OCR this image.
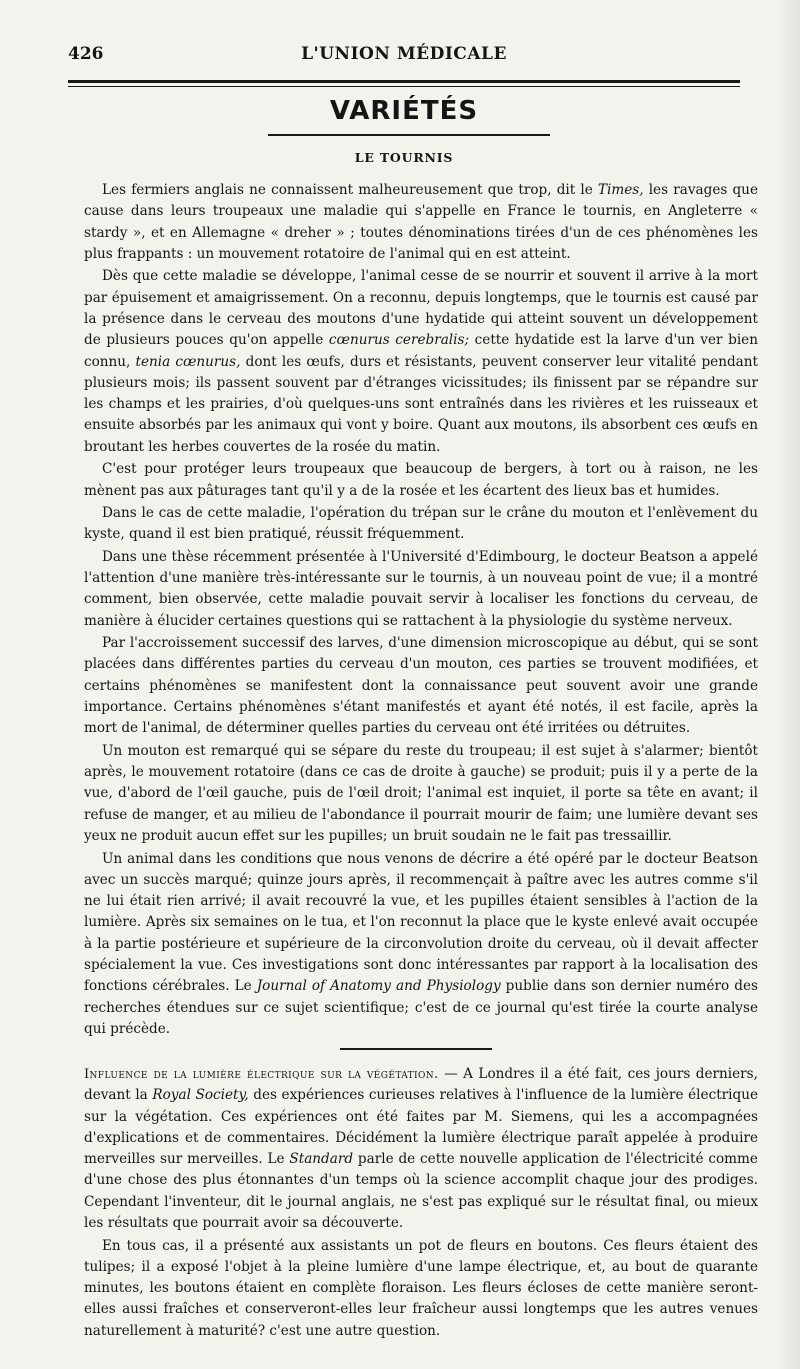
426	L'UNION MÉDICALE
VARIÉTÉS
LE TOURNIS

Les fermiers anglais ne connaissent malheureusement que trop, dit le Times, les ravages que cause dans leurs troupeaux une maladie qui s'appelle en France le tournis, en Angleterre « stardy », et en Allemagne « dreher » ; toutes dénominations tirées d'un de ces phénomènes les plus frappants : un mouvement rotatoire de l'animal qui en est atteint.

Dès que cette maladie se développe, l'animal cesse de se nourrir et souvent il arrive à la mort par épuisement et amaigrissement. On a reconnu, depuis longtemps, que le tournis est causé par la présence dans le cerveau des moutons d'une hydatide qui atteint souvent un développement de plusieurs pouces qu'on appelle cœnurus cerebralis; cette hydatide est la larve d'un ver bien connu, tenia cœnurus, dont les œufs, durs et résistants, peuvent conserver leur vitalité pendant plusieurs mois; ils passent souvent par d'étranges vicissitudes; ils finissent par se répandre sur les champs et les prairies, d'où quelques-uns sont entraînés dans les rivières et les ruisseaux et ensuite absorbés par les animaux qui vont y boire. Quant aux moutons, ils absorbent ces œufs en broutant les herbes couvertes de la rosée du matin.

C'est pour protéger leurs troupeaux que beaucoup de bergers, à tort ou à raison, ne les mènent pas aux pâturages tant qu'il y a de la rosée et les écartent des lieux bas et humides.

Dans le cas de cette maladie, l'opération du trépan sur le crâne du mouton et l'enlèvement du kyste, quand il est bien pratiqué, réussit fréquemment.

Dans une thèse récemment présentée à l'Université d'Edimbourg, le docteur Beatson a appelé l'attention d'une manière très-intéressante sur le tournis, à un nouveau point de vue; il a montré comment, bien observée, cette maladie pouvait servir à localiser les fonctions du cerveau, de manière à élucider certaines questions qui se rattachent à la physiologie du système nerveux.

Par l'accroissement successif des larves, d'une dimension microscopique au début, qui se sont placées dans différentes parties du cerveau d'un mouton, ces parties se trouvent modifiées, et certains phénomènes se manifestent dont la connaissance peut souvent avoir une grande importance. Certains phénomènes s'étant manifestés et ayant été notés, il est facile, après la mort de l'animal, de déterminer quelles parties du cerveau ont été irritées ou détruites.

Un mouton est remarqué qui se sépare du reste du troupeau; il est sujet à s'alarmer; bientôt après, le mouvement rotatoire (dans ce cas de droite à gauche) se produit; puis il y a perte de la vue, d'abord de l'œil gauche, puis de l'œil droit; l'animal est inquiet, il porte sa tête en avant; il refuse de manger, et au milieu de l'abondance il pourrait mourir de faim; une lumière devant ses yeux ne produit aucun effet sur les pupilles; un bruit soudain ne le fait pas tressaillir.

Un animal dans les conditions que nous venons de décrire a été opéré par le docteur Beatson avec un succès marqué; quinze jours après, il recommençait à paître avec les autres comme s'il ne lui était rien arrivé; il avait recouvré la vue, et les pupilles étaient sensibles à l'action de la lumière. Après six semaines on le tua, et l'on reconnut la place que le kyste enlevé avait occupée à la partie postérieure et supérieure de la circonvolution droite du cerveau, où il devait affecter spécialement la vue. Ces investigations sont donc intéressantes par rapport à la localisation des fonctions cérébrales. Le Journal of Anatomy and Physiology publie dans son dernier numéro des recherches étendues sur ce sujet scientifique; c'est de ce journal qu'est tirée la courte analyse qui précède.

Influence de la lumière électrique sur la végétation. — A Londres il a été fait, ces jours derniers, devant la Royal Society, des expériences curieuses relatives à l'influence de la lumière électrique sur la végétation. Ces expériences ont été faites par M. Siemens, qui les a accompagnées d'explications et de commentaires. Décidément la lumière électrique paraît appelée à produire merveilles sur merveilles. Le Standard parle de cette nouvelle application de l'électricité comme d'une chose des plus étonnantes d'un temps où la science accomplit chaque jour des prodiges. Cependant l'inventeur, dit le journal anglais, ne s'est pas expliqué sur le résultat final, ou mieux les résultats que pourrait avoir sa découverte.

En tous cas, il a présenté aux assistants un pot de fleurs en boutons. Ces fleurs étaient des tulipes; il a exposé l'objet à la pleine lumière d'une lampe électrique, et, au bout de quarante minutes, les boutons étaient en complète floraison. Les fleurs écloses de cette manière seront-elles aussi fraîches et conserveront-elles leur fraîcheur aussi longtemps que les autres venues naturellement à maturité? c'est une autre question.
